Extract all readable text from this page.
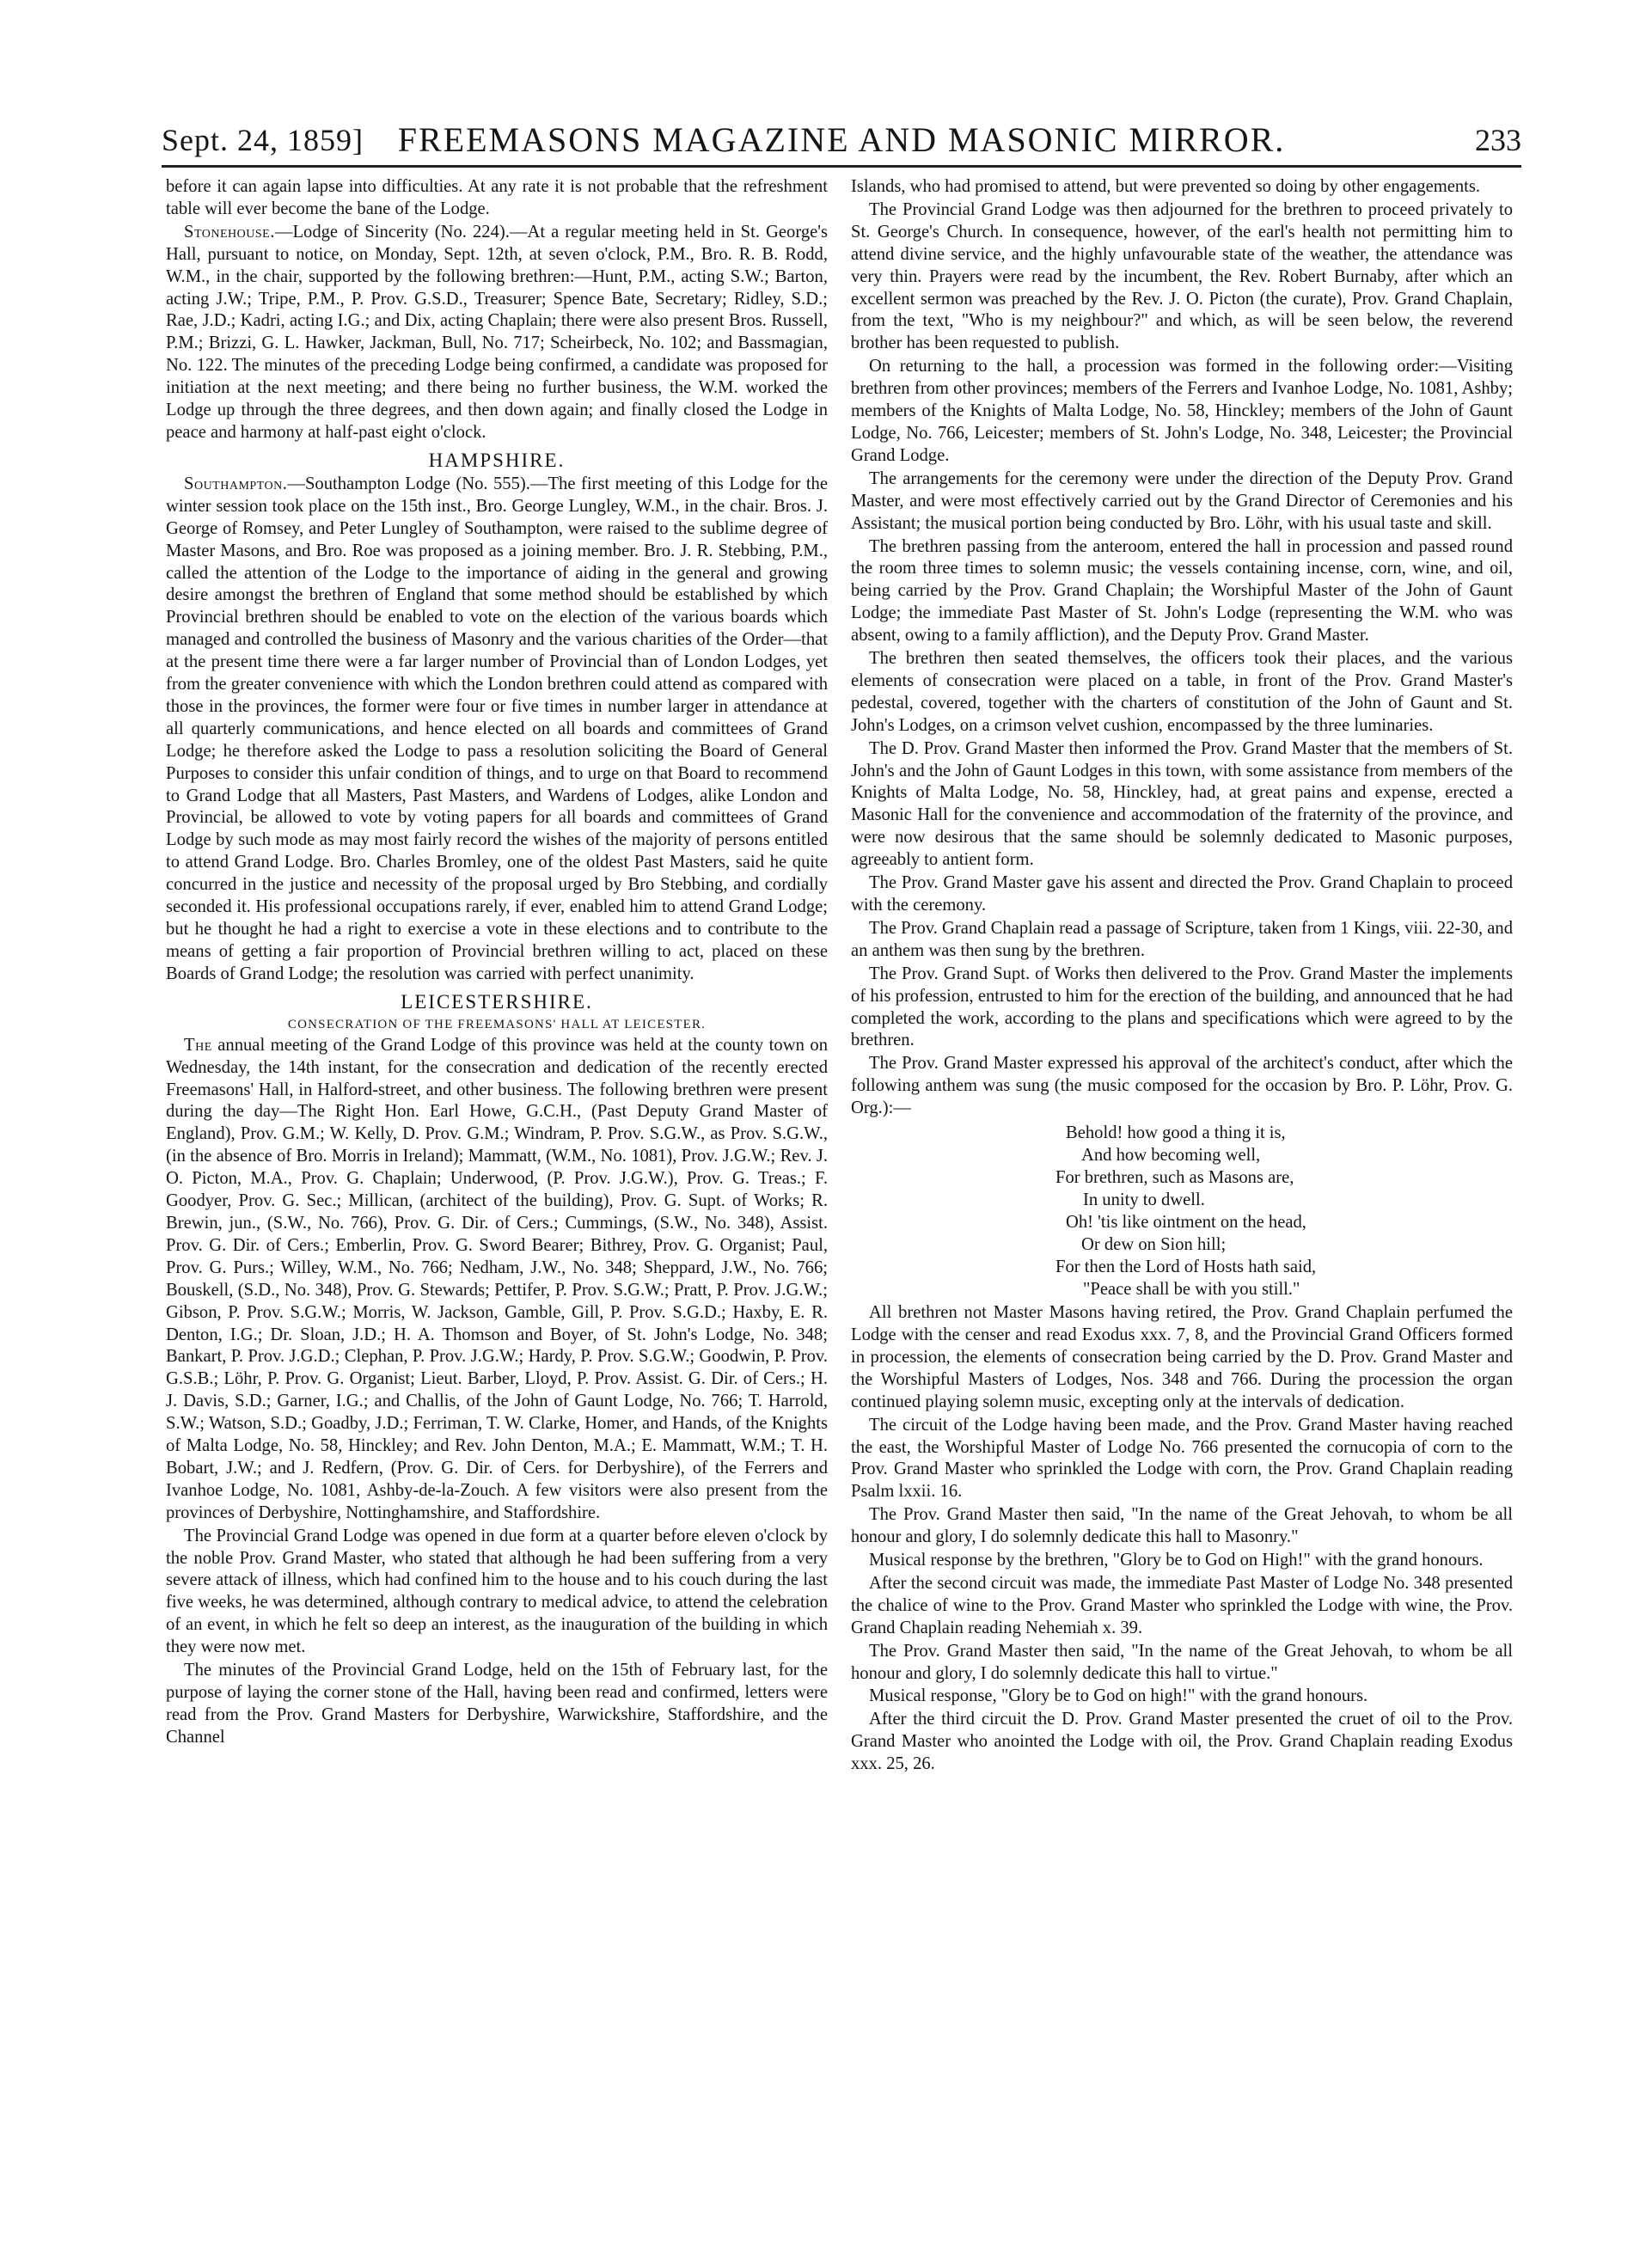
Sept. 24, 1859] FREEMASONS MAGAZINE AND MASONIC MIRROR.	233

before it can again lapse into difficulties. At any rate it is not probable that the refreshment table will ever become the bane of the Lodge.

Stonehouse.—Lodge of Sincerity (No. 224).—At a regular meeting held in St. George's Hall, pursuant to notice, on Monday, Sept. 12th, at seven o'clock, P.M., Bro. R. B. Rodd, W.M., in the chair, supported by the following brethren:—Hunt, P.M., acting S.W.; Barton, acting J.W.; Tripe, P.M., P. Prov. G.S.D., Treasurer; Spence Bate, Secretary; Ridley, S.D.; Rae, J.D.; Kadri, acting I.G.; and Dix, acting Chaplain; there were also present Bros. Russell, P.M.; Brizzi, G. L. Hawker, Jackman, Bull, No. 717; Scheirbeck, No. 102; and Bassmagian, No. 122. The minutes of the preceding Lodge being confirmed, a candidate was proposed for initiation at the next meeting; and there being no further business, the W.M. worked the Lodge up through the three degrees, and then down again; and finally closed the Lodge in peace and harmony at half-past eight o'clock.

HAMPSHIRE.

Southampton.—Southampton Lodge (No. 555).—The first meeting of this Lodge for the winter session took place on the 15th inst., Bro. George Lungley, W.M., in the chair. Bros. J. George of Romsey, and Peter Lungley of Southampton, were raised to the sublime degree of Master Masons, and Bro. Roe was proposed as a joining member. Bro. J. R. Stebbing, P.M., called the attention of the Lodge to the importance of aiding in the general and growing desire amongst the brethren of England that some method should be established by which Provincial brethren should be enabled to vote on the election of the various boards which managed and controlled the business of Masonry and the various charities of the Order—that at the present time there were a far larger number of Provincial than of London Lodges, yet from the greater convenience with which the London brethren could attend as compared with those in the provinces, the former were four or five times in number larger in attendance at all quarterly communications, and hence elected on all boards and committees of Grand Lodge; he therefore asked the Lodge to pass a resolution soliciting the Board of General Purposes to consider this unfair condition of things, and to urge on that Board to recommend to Grand Lodge that all Masters, Past Masters, and Wardens of Lodges, alike London and Provincial, be allowed to vote by voting papers for all boards and committees of Grand Lodge by such mode as may most fairly record the wishes of the majority of persons entitled to attend Grand Lodge. Bro. Charles Bromley, one of the oldest Past Masters, said he quite concurred in the justice and necessity of the proposal urged by Bro Stebbing, and cordially seconded it. His professional occupations rarely, if ever, enabled him to attend Grand Lodge; but he thought he had a right to exercise a vote in these elections and to contribute to the means of getting a fair proportion of Provincial brethren willing to act, placed on these Boards of Grand Lodge; the resolution was carried with perfect unanimity.

LEICESTERSHIRE.
CONSECRATION OF THE FREEMASONS' HALL AT LEICESTER.

The annual meeting of the Grand Lodge of this province was held at the county town on Wednesday, the 14th instant, for the consecration and dedication of the recently erected Freemasons' Hall, in Halford-street, and other business. The following brethren were present during the day—The Right Hon. Earl Howe, G.C.H., (Past Deputy Grand Master of England), Prov. G.M.; W. Kelly, D. Prov. G.M.; Windram, P. Prov. S.G.W., as Prov. S.G.W., (in the absence of Bro. Morris in Ireland); Mammatt, (W.M., No. 1081), Prov. J.G.W.; Rev. J. O. Picton, M.A., Prov. G. Chaplain; Underwood, (P. Prov. J.G.W.), Prov. G. Treas.; F. Goodyer, Prov. G. Sec.; Millican, (architect of the building), Prov. G. Supt. of Works; R. Brewin, jun., (S.W., No. 766), Prov. G. Dir. of Cers.; Cummings, (S.W., No. 348), Assist. Prov. G. Dir. of Cers.; Emberlin, Prov. G. Sword Bearer; Bithrey, Prov. G. Organist; Paul, Prov. G. Purs.; Willey, W.M., No. 766; Nedham, J.W., No. 348; Sheppard, J.W., No. 766; Bouskell, (S.D., No. 348), Prov. G. Stewards; Pettifer, P. Prov. S.G.W.; Pratt, P. Prov. J.G.W.; Gibson, P. Prov. S.G.W.; Morris, W. Jackson, Gamble, Gill, P. Prov. S.G.D.; Haxby, E. R. Denton, I.G.; Dr. Sloan, J.D.; H. A. Thomson and Boyer, of St. John's Lodge, No. 348; Bankart, P. Prov. J.G.D.; Clephan, P. Prov. J.G.W.; Hardy, P. Prov. S.G.W.; Goodwin, P. Prov. G.S.B.; Löhr, P. Prov. G. Organist; Lieut. Barber, Lloyd, P. Prov. Assist. G. Dir. of Cers.; H. J. Davis, S.D.; Garner, I.G.; and Challis, of the John of Gaunt Lodge, No. 766; T. Harrold, S.W.; Watson, S.D.; Goadby, J.D.; Ferriman, T. W. Clarke, Homer, and Hands, of the Knights of Malta Lodge, No. 58, Hinckley; and Rev. John Denton, M.A.; E. Mammatt, W.M.; T. H. Bobart, J.W.; and J. Redfern, (Prov. G. Dir. of Cers. for Derbyshire), of the Ferrers and Ivanhoe Lodge, No. 1081, Ashby-de-la-Zouch. A few visitors were also present from the provinces of Derbyshire, Nottinghamshire, and Staffordshire.

The Provincial Grand Lodge was opened in due form at a quarter before eleven o'clock by the noble Prov. Grand Master, who stated that although he had been suffering from a very severe attack of illness, which had confined him to the house and to his couch during the last five weeks, he was determined, although contrary to medical advice, to attend the celebration of an event, in which he felt so deep an interest, as the inauguration of the building in which they were now met.

The minutes of the Provincial Grand Lodge, held on the 15th of February last, for the purpose of laying the corner stone of the Hall, having been read and confirmed, letters were read from the Prov. Grand Masters for Derbyshire, Warwickshire, Staffordshire, and the Channel

Islands, who had promised to attend, but were prevented so doing by other engagements.

The Provincial Grand Lodge was then adjourned for the brethren to proceed privately to St. George's Church. In consequence, however, of the earl's health not permitting him to attend divine service, and the highly unfavourable state of the weather, the attendance was very thin. Prayers were read by the incumbent, the Rev. Robert Burnaby, after which an excellent sermon was preached by the Rev. J. O. Picton (the curate), Prov. Grand Chaplain, from the text, "Who is my neighbour?" and which, as will be seen below, the reverend brother has been requested to publish.

On returning to the hall, a procession was formed in the following order:—Visiting brethren from other provinces; members of the Ferrers and Ivanhoe Lodge, No. 1081, Ashby; members of the Knights of Malta Lodge, No. 58, Hinckley; members of the John of Gaunt Lodge, No. 766, Leicester; members of St. John's Lodge, No. 348, Leicester; the Provincial Grand Lodge.

The arrangements for the ceremony were under the direction of the Deputy Prov. Grand Master, and were most effectively carried out by the Grand Director of Ceremonies and his Assistant; the musical portion being conducted by Bro. Löhr, with his usual taste and skill.

The brethren passing from the anteroom, entered the hall in procession and passed round the room three times to solemn music; the vessels containing incense, corn, wine, and oil, being carried by the Prov. Grand Chaplain; the Worshipful Master of the John of Gaunt Lodge; the immediate Past Master of St. John's Lodge (representing the W.M. who was absent, owing to a family affliction), and the Deputy Prov. Grand Master.

The brethren then seated themselves, the officers took their places, and the various elements of consecration were placed on a table, in front of the Prov. Grand Master's pedestal, covered, together with the charters of constitution of the John of Gaunt and St. John's Lodges, on a crimson velvet cushion, encompassed by the three luminaries.

The D. Prov. Grand Master then informed the Prov. Grand Master that the members of St. John's and the John of Gaunt Lodges in this town, with some assistance from members of the Knights of Malta Lodge, No. 58, Hinckley, had, at great pains and expense, erected a Masonic Hall for the convenience and accommodation of the fraternity of the province, and were now desirous that the same should be solemnly dedicated to Masonic purposes, agreeably to antient form.

The Prov. Grand Master gave his assent and directed the Prov. Grand Chaplain to proceed with the ceremony.

The Prov. Grand Chaplain read a passage of Scripture, taken from 1 Kings, viii. 22-30, and an anthem was then sung by the brethren.

The Prov. Grand Supt. of Works then delivered to the Prov. Grand Master the implements of his profession, entrusted to him for the erection of the building, and announced that he had completed the work, according to the plans and specifications which were agreed to by the brethren.

The Prov. Grand Master expressed his approval of the architect's conduct, after which the following anthem was sung (the music composed for the occasion by Bro. P. Löhr, Prov. G. Org.):—

Behold! how good a thing it is,
And how becoming well,
For brethren, such as Masons are,
In unity to dwell.
Oh! 'tis like ointment on the head,
Or dew on Sion hill;
For then the Lord of Hosts hath said,
"Peace shall be with you still."

All brethren not Master Masons having retired, the Prov. Grand Chaplain perfumed the Lodge with the censer and read Exodus xxx. 7, 8, and the Provincial Grand Officers formed in procession, the elements of consecration being carried by the D. Prov. Grand Master and the Worshipful Masters of Lodges, Nos. 348 and 766. During the procession the organ continued playing solemn music, excepting only at the intervals of dedication.

The circuit of the Lodge having been made, and the Prov. Grand Master having reached the east, the Worshipful Master of Lodge No. 766 presented the cornucopia of corn to the Prov. Grand Master who sprinkled the Lodge with corn, the Prov. Grand Chaplain reading Psalm lxxii. 16.

The Prov. Grand Master then said, "In the name of the Great Jehovah, to whom be all honour and glory, I do solemnly dedicate this hall to Masonry."

Musical response by the brethren, "Glory be to God on High!" with the grand honours.

After the second circuit was made, the immediate Past Master of Lodge No. 348 presented the chalice of wine to the Prov. Grand Master who sprinkled the Lodge with wine, the Prov. Grand Chaplain reading Nehemiah x. 39.

The Prov. Grand Master then said, "In the name of the Great Jehovah, to whom be all honour and glory, I do solemnly dedicate this hall to virtue."

Musical response, "Glory be to God on high!" with the grand honours.

After the third circuit the D. Prov. Grand Master presented the cruet of oil to the Prov. Grand Master who anointed the Lodge with oil, the Prov. Grand Chaplain reading Exodus xxx. 25, 26.
